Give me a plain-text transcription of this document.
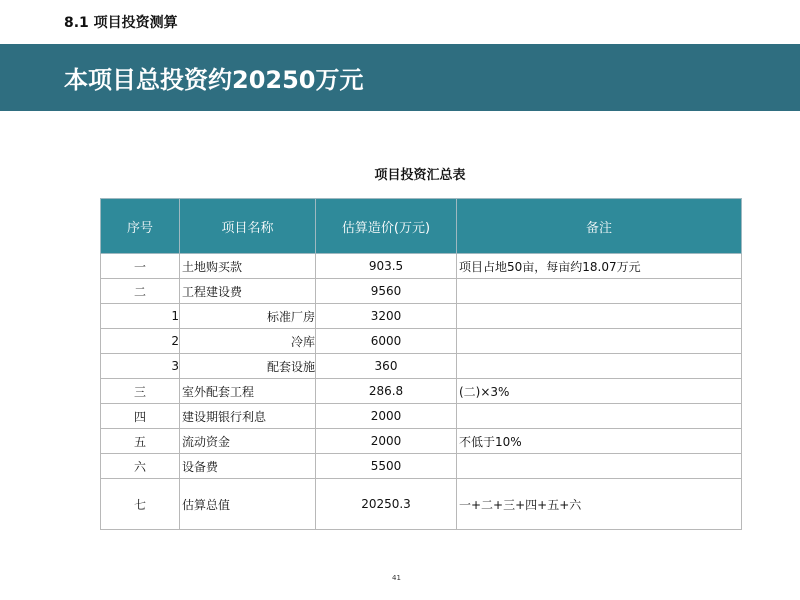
8.1 项目投资测算
本项目总投资约20250万元
项目投资汇总表
序号	项目名称	估算造价(万元)	备注
一	土地购买款	903.5	项目占地50亩，每亩约18.07万元
二	工程建设费	9560	
1	标准厂房	3200	
2	冷库	6000	
3	配套设施	360	
三	室外配套工程	286.8	(二)×3%
四	建设期银行利息	2000	
五	流动资金	2000	不低于10%
六	设备费	5500	
七	估算总值	20250.3	一+二+三+四+五+六
41
